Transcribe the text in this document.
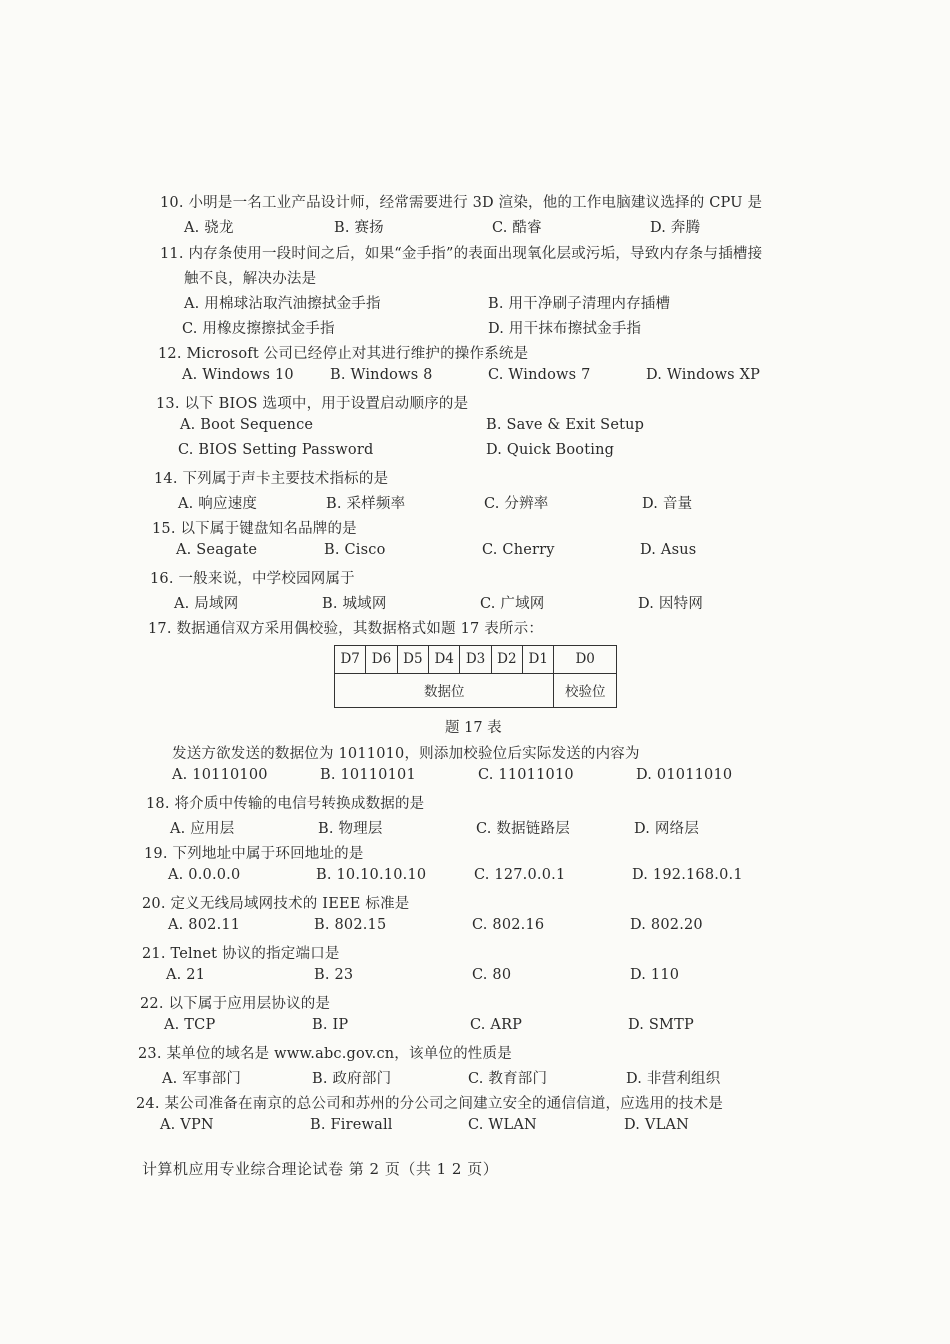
10. 小明是一名工业产品设计师，经常需要进行 3D 渲染，他的工作电脑建议选择的 CPU 是
A. 骁龙	B. 赛扬	C. 酷睿	D. 奔腾
11. 内存条使用一段时间之后，如果“金手指”的表面出现氧化层或污垢，导致内存条与插槽接
触不良，解决办法是
A. 用棉球沾取汽油擦拭金手指	B. 用干净刷子清理内存插槽
C. 用橡皮擦擦拭金手指	D. 用干抹布擦拭金手指
12. Microsoft 公司已经停止对其进行维护的操作系统是
A. Windows 10 B. Windows 8	C. Windows 7	D. Windows XP
13. 以下 BIOS 选项中，用于设置启动顺序的是
A. Boot Sequence	B. Save & Exit Setup
C. BIOS Setting Password	D. Quick Booting
14. 下列属于声卡主要技术指标的是
A. 响应速度	B. 采样频率	C. 分辨率	D. 音量
15. 以下属于键盘知名品牌的是
A. Seagate	B. Cisco	C. Cherry	D. Asus
16. 一般来说，中学校园网属于
A. 局域网	B. 城域网	C. 广域网	D. 因特网
17. 数据通信双方采用偶校验，其数据格式如题 17 表所示：
D7	D6	D5	D4	D3	D2	D1	D0
数据位							校验位
题 17 表
发送方欲发送的数据位为 1011010，则添加校验位后实际发送的内容为
A. 10110100	B. 10110101	C. 11011010	D. 01011010
18. 将介质中传输的电信号转换成数据的是
A. 应用层	B. 物理层	C. 数据链路层	D. 网络层
19. 下列地址中属于环回地址的是
A. 0.0.0.0	B. 10.10.10.10	C. 127.0.0.1	D. 192.168.0.1
20. 定义无线局域网技术的 IEEE 标准是
A. 802.11	B. 802.15	C. 802.16	D. 802.20
21. Telnet 协议的指定端口是
A. 21	B. 23	C. 80	D. 110
22. 以下属于应用层协议的是
A. TCP	B. IP	C. ARP	D. SMTP
23. 某单位的域名是 www.abc.gov.cn，该单位的性质是
A. 军事部门	B. 政府部门	C. 教育部门	D. 非营利组织
24. 某公司准备在南京的总公司和苏州的分公司之间建立安全的通信信道，应选用的技术是
A. VPN	B. Firewall	C. WLAN	D. VLAN
计算机应用专业综合理论试卷 第 2 页（共 1 2 页）
